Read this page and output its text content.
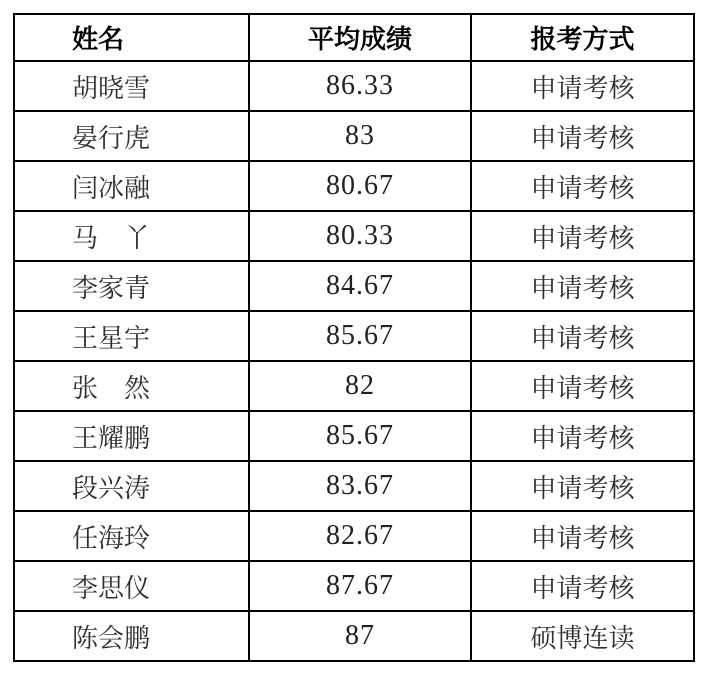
姓名	平均成绩	报考方式
胡晓雪	86.33	申请考核
晏行虎	83	申请考核
闫冰融	80.67	申请考核
马　丫	80.33	申请考核
李家青	84.67	申请考核
王星宇	85.67	申请考核
张　然	82	申请考核
王耀鹏	85.67	申请考核
段兴涛	83.67	申请考核
任海玲	82.67	申请考核
李思仪	87.67	申请考核
陈会鹏	87	硕博连读
